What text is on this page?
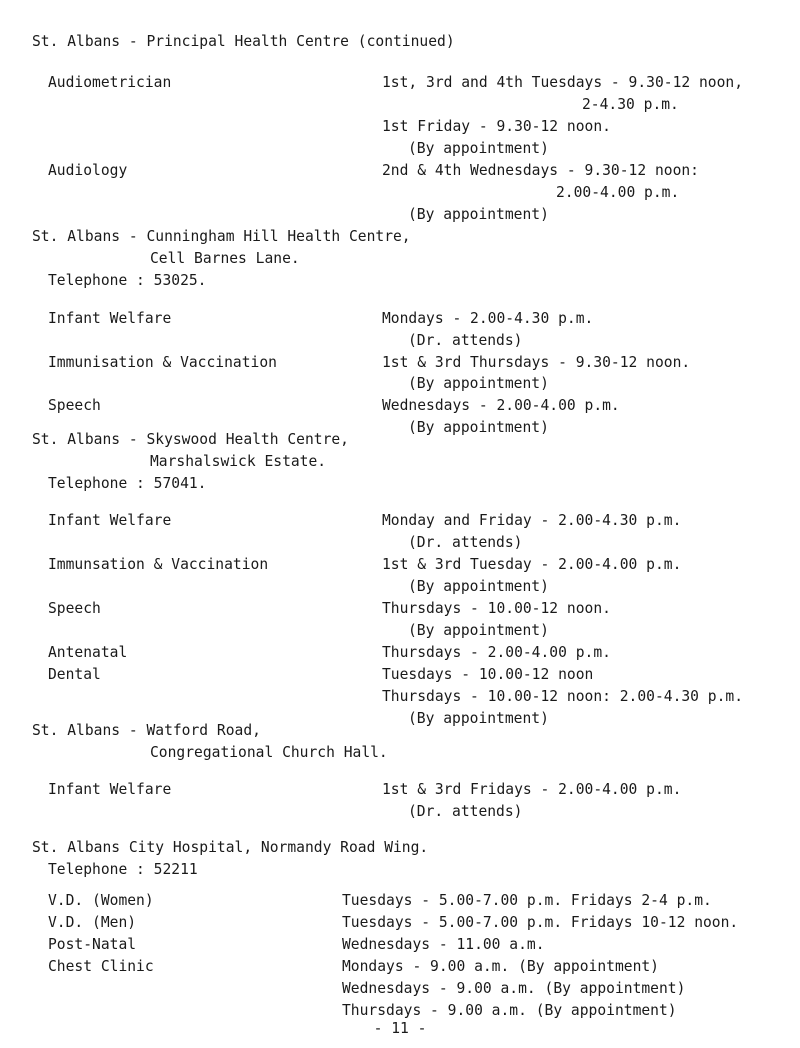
- 11 -
St. Albans - Principal Health Centre (continued)
Audiometrician	1st, 3rd and 4th Tuesdays - 9.30-12 noon,
2-4.30 p.m.
1st Friday - 9.30-12 noon.
(By appointment)
Audiology	2nd & 4th Wednesdays - 9.30-12 noon:
2.00-4.00 p.m.
(By appointment)
St. Albans - Cunningham Hill Health Centre,
Cell Barnes Lane.
Telephone : 53025.
Infant Welfare	Mondays - 2.00-4.30 p.m.
(Dr. attends)
Immunisation & Vaccination	1st & 3rd Thursdays - 9.30-12 noon.
(By appointment)
Speech	Wednesdays - 2.00-4.00 p.m.
(By appointment)
St. Albans - Skyswood Health Centre,
Marshalswick Estate.
Telephone : 57041.
Infant Welfare	Monday and Friday - 2.00-4.30 p.m.
(Dr. attends)
Immunsation & Vaccination	1st & 3rd Tuesday - 2.00-4.00 p.m.
(By appointment)
Speech	Thursdays - 10.00-12 noon.
(By appointment)
Antenatal	Thursdays - 2.00-4.00 p.m.
Dental	Tuesdays - 10.00-12 noon
Thursdays - 10.00-12 noon: 2.00-4.30 p.m.
(By appointment)
St. Albans - Watford Road,
Congregational Church Hall.
Infant Welfare	1st & 3rd Fridays - 2.00-4.00 p.m.
(Dr. attends)
St. Albans City Hospital, Normandy Road Wing.
Telephone : 52211
V.D. (Women)	Tuesdays - 5.00-7.00 p.m. Fridays 2-4 p.m.
V.D. (Men)	Tuesdays - 5.00-7.00 p.m. Fridays 10-12 noon.
Post-Natal	Wednesdays - 11.00 a.m.
Chest Clinic	Mondays - 9.00 a.m. (By appointment)
Wednesdays - 9.00 a.m. (By appointment)
Thursdays - 9.00 a.m. (By appointment)
